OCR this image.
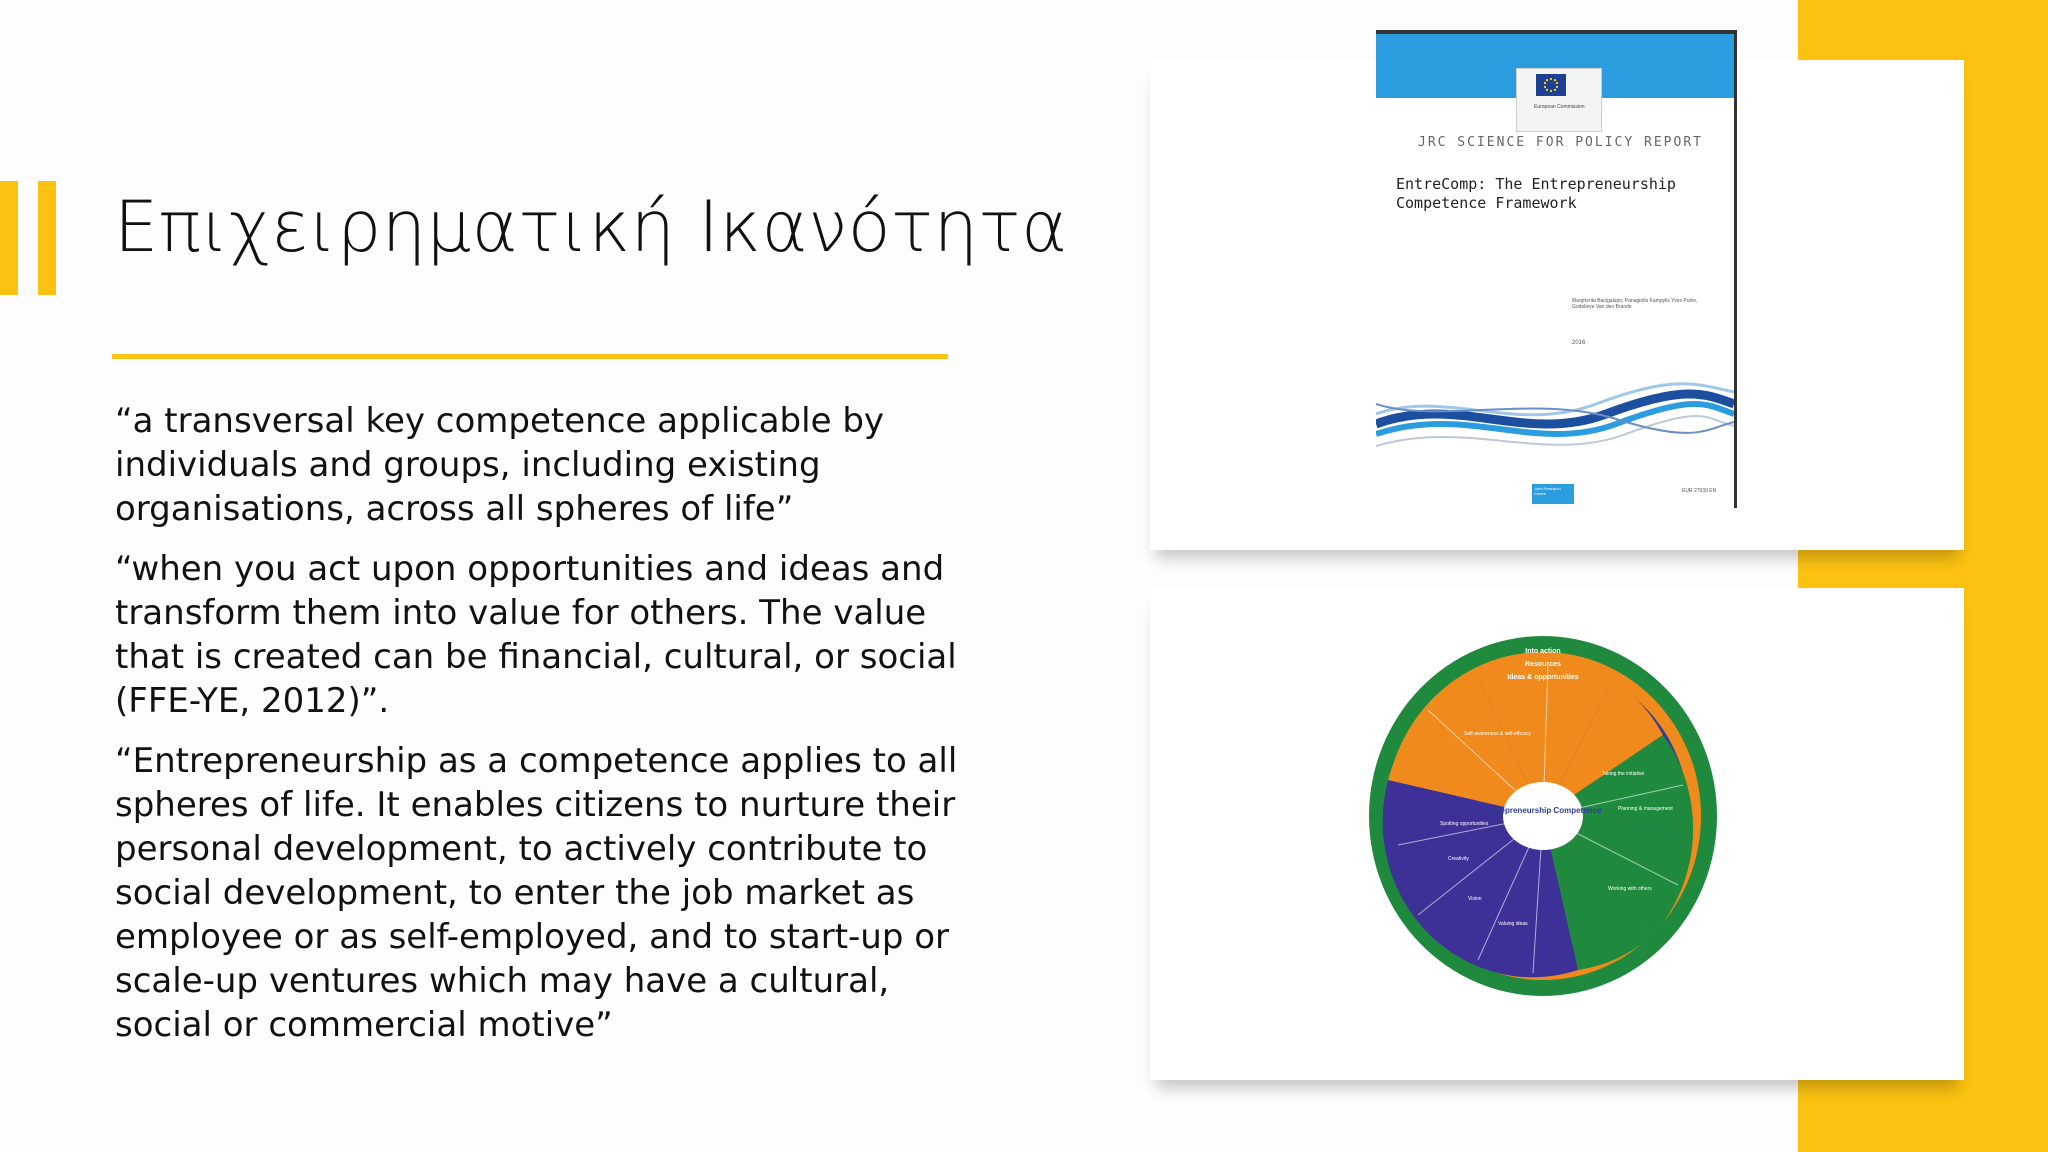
Επιχειρηματική Ικανότητα

“a transversal key competence applicable by individuals and groups, including existing organisations, across all spheres of life”

“when you act upon opportunities and ideas and transform them into value for others. The value that is created can be financial, cultural, or social (FFE-YE, 2012)”.

“Entrepreneurship as a competence applies to all spheres of life. It enables citizens to nurture their personal development, to actively contribute to social development, to enter the job market as employee or as self-employed, and to start-up or scale-up ventures which may have a cultural, social or commercial motive”

European Commission
JRC SCIENCE FOR POLICY REPORT
EntreComp: The Entrepreneurship Competence Framework
Margherita Bacigalupo, Panagiotis Kampylis Yves Punie, Godelieve Van den Brande
2016
Joint Research Centre	EUR 27939 EN
Entrepreneurship Competence
Into action
Resources
Ideas & opportunities
Spotting opportunities
Creativity
Vision
Valuing ideas
Taking the initiative
Planning & management
Working with others
Self-awareness & self-efficacy
